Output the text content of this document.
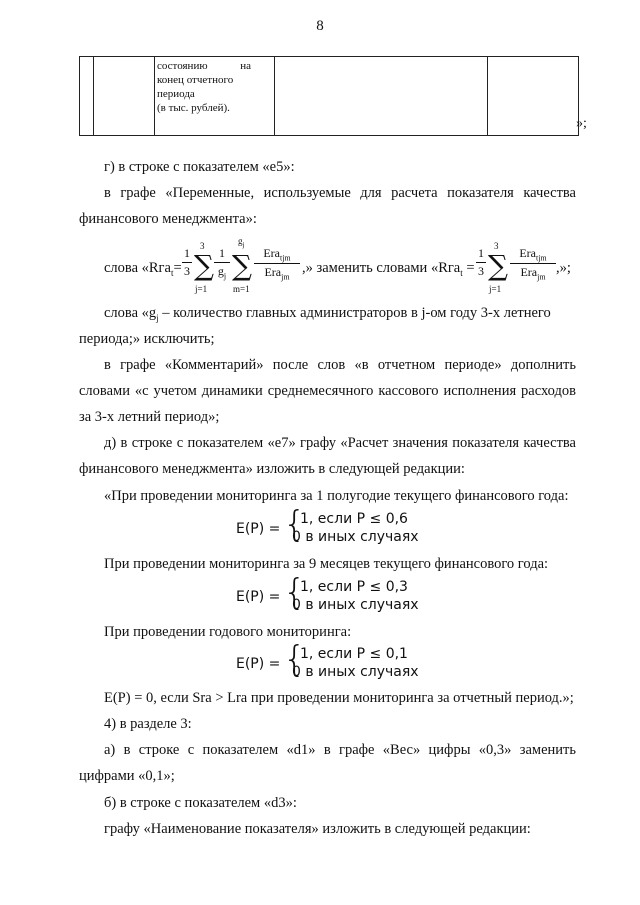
8

состоянию	на
конец отчетного
периода
(в тыс. рублей).

»;
г) в строке с показателем «е5»:
в графе «Переменные, используемые для расчета показателя качества
финансового менеджмента»:
слова «Rга$_t$=
1
3
3
∑
j=1
1
$g_j$
$g_j$
∑
m=1
Erа$_{tjm}$
Erа$_{jm}$
,» заменить словами «Rга$_t$ =
1
3
3
∑
j=1
Erа$_{tjm}$
Erа$_{jm}$
,»;
слова «$g_j$ – количество главных администраторов в j-ом году 3-х летнего
периода;» исключить;
в графе «Комментарий» после слов «в отчетном периоде» дополнить
словами «с учетом динамики среднемесячного кассового исполнения расходов
за 3-х летний период»;
д) в строке с показателем «е7» графу «Расчет значения показателя качества
финансового менеджмента» изложить в следующей редакции:
«При проведении мониторинга за 1 полугодие текущего финансового года:
E(P) = {
1, если P ≤ 0,6
0 в иных случаях
При проведении мониторинга за 9 месяцев текущего финансового года:
E(P) = {
1, если P ≤ 0,3
0 в иных случаях
При проведении годового мониторинга:
E(P) = {
1, если P ≤ 0,1
0 в иных случаях
E(P) = 0, если Sra > Lra при проведении мониторинга за отчетный период.»;
4) в разделе 3:
а) в строке с показателем «d1» в графе «Вес» цифры «0,3» заменить
цифрами «0,1»;
б) в строке с показателем «d3»:
графу «Наименование показателя» изложить в следующей редакции:
